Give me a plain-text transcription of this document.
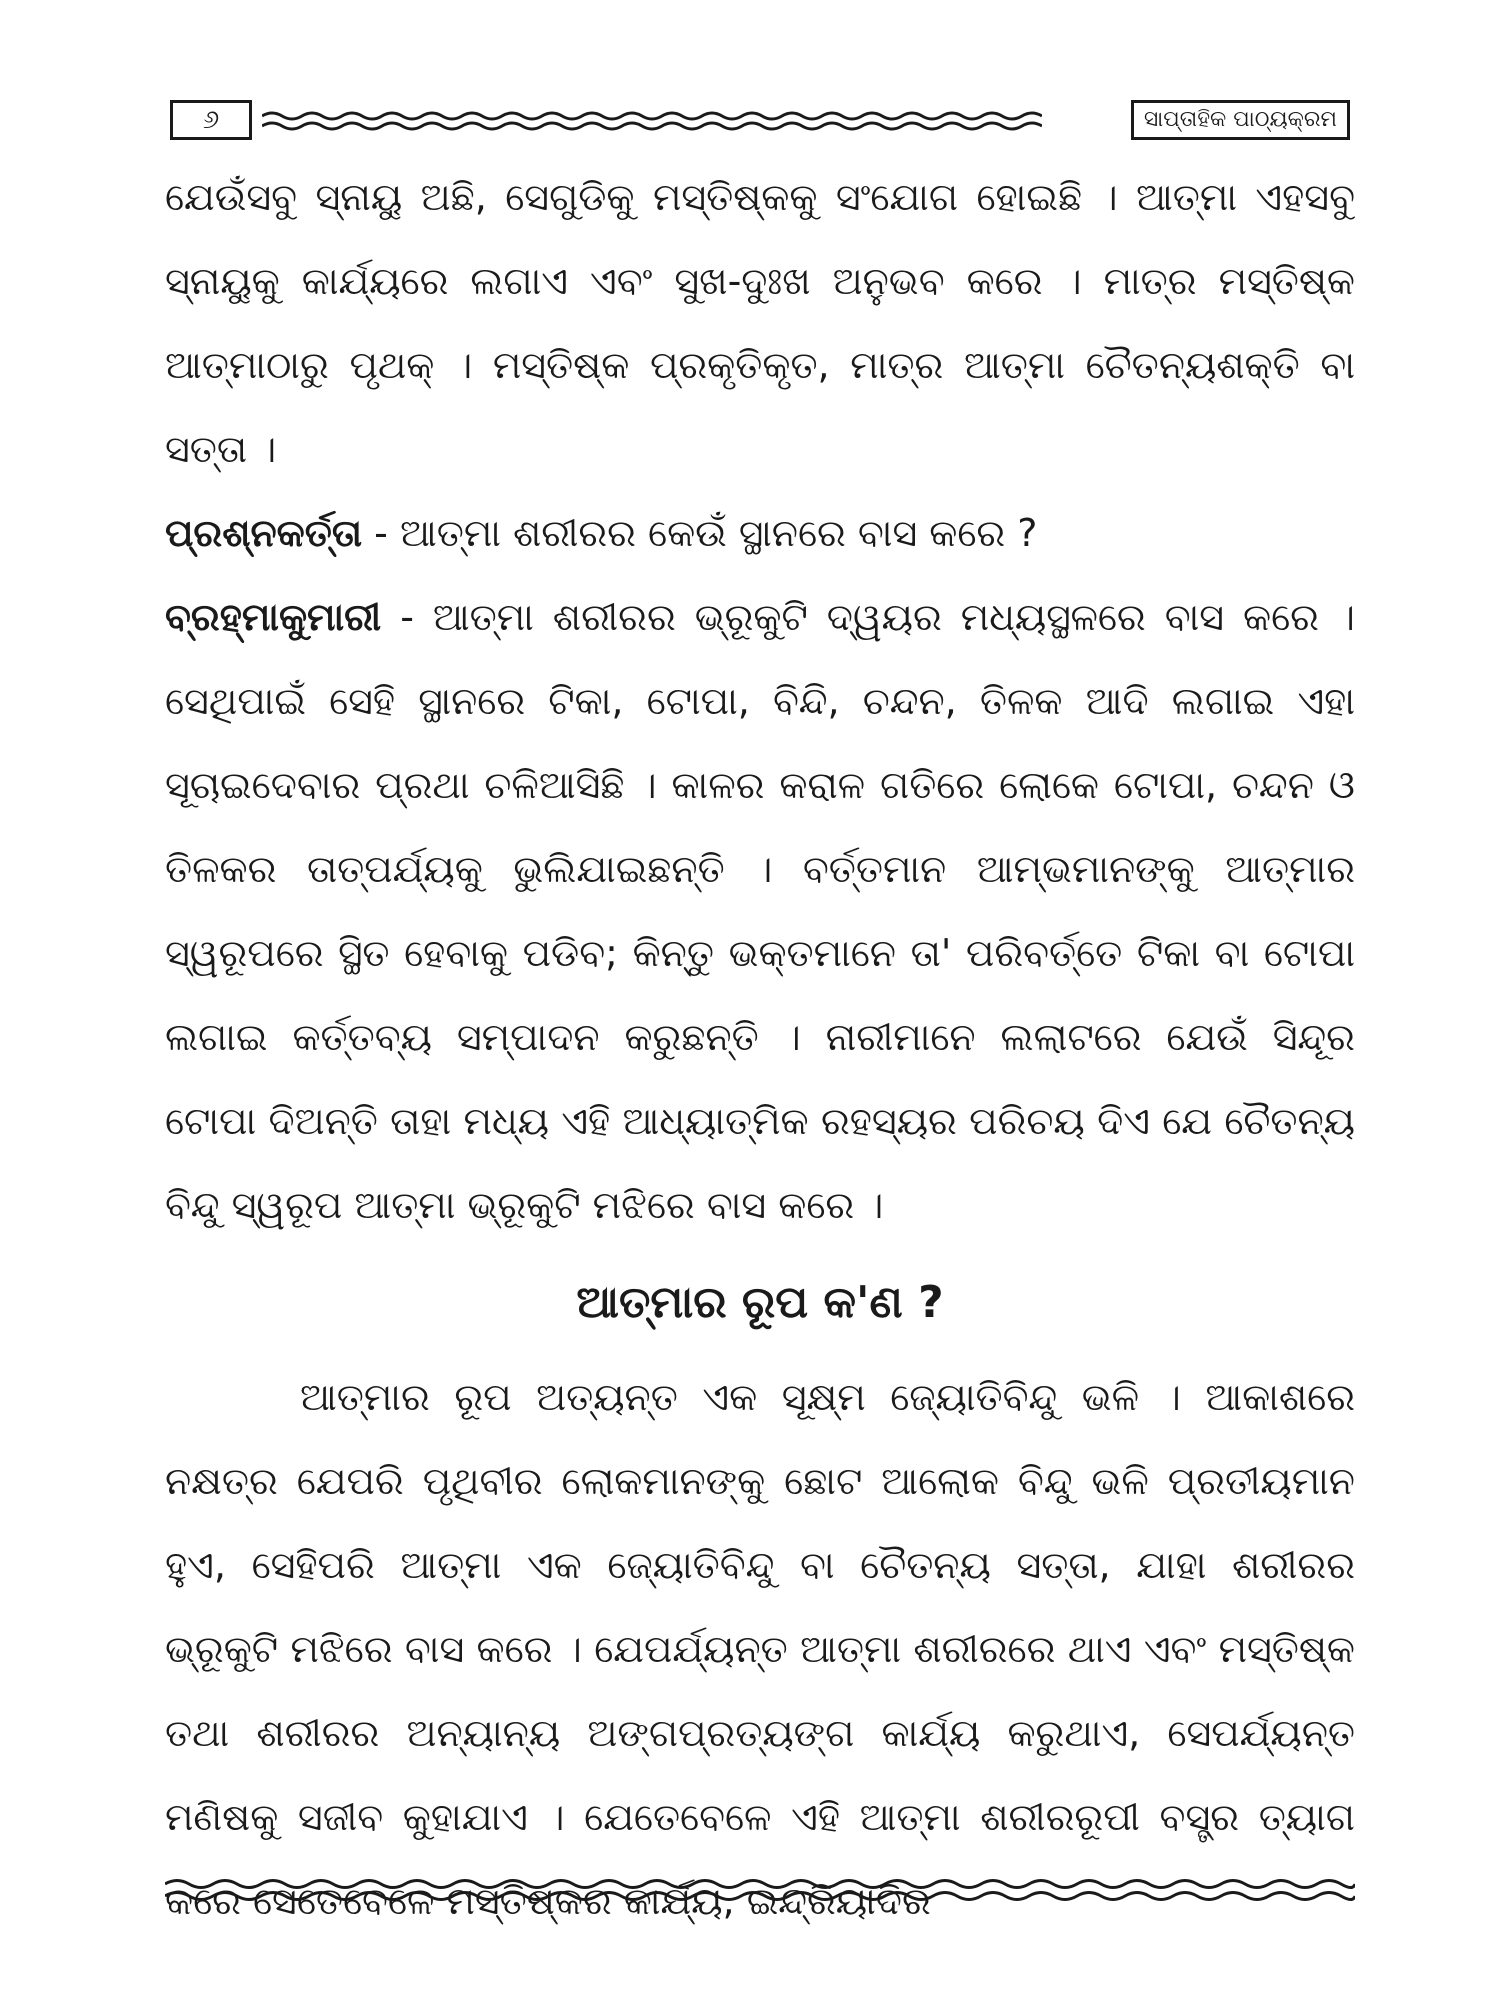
୬	ସାପ୍ତାହିକ ପାଠ୍ୟକ୍ରମ

ଯେଉଁସବୁ ସ୍ନାୟୁ ଅଛି, ସେଗୁଡିକୁ ମସ୍ତିଷ୍କକୁ ସଂଯୋଗ ହୋଇଛି । ଆତ୍ମା ଏହସବୁ ସ୍ନାୟୁକୁ କାର୍ଯ୍ୟରେ ଲଗାଏ ଏବଂ ସୁଖ-ଦୁଃଖ ଅନୁଭବ କରେ । ମାତ୍ର ମସ୍ତିଷ୍କ ଆତ୍ମାଠାରୁ ପୃଥକ୍ । ମସ୍ତିଷ୍କ ପ୍ରକୃତିକୃତ, ମାତ୍ର ଆତ୍ମା ଚୈତନ୍ୟଶକ୍ତି ବା ସତ୍ତା ।

ପ୍ରଶ୍ନକର୍ତ୍ତା - ଆତ୍ମା ଶରୀରର କେଉଁ ସ୍ଥାନରେ ବାସ କରେ ?

ବ୍ରହ୍ମାକୁମାରୀ - ଆତ୍ମା ଶରୀରର ଭ୍ରୂକୁଟି ଦ୍ୱୟର ମଧ୍ୟସ୍ଥଳରେ ବାସ କରେ । ସେଥିପାଇଁ ସେହି ସ୍ଥାନରେ ଟିକା, ଟୋପା, ବିନ୍ଦି, ଚନ୍ଦନ, ତିଳକ ଆଦି ଲଗାଇ ଏହା ସୂଚାଇଦେବାର ପ୍ରଥା ଚଳିଆସିଛି । କାଳର କରାଳ ଗତିରେ ଲୋକେ ଟୋପା, ଚନ୍ଦନ ଓ ତିଳକର ତାତ୍ପର୍ଯ୍ୟକୁ ଭୁଲିଯାଇଛନ୍ତି । ବର୍ତ୍ତମାନ ଆମ୍ଭମାନଙ୍କୁ ଆତ୍ମାର ସ୍ୱରୂପରେ ସ୍ଥିତ ହେବାକୁ ପଡିବ; କିନ୍ତୁ ଭକ୍ତମାନେ ତା' ପରିବର୍ତ୍ତେ ଟିକା ବା ଟୋପା ଲଗାଇ କର୍ତ୍ତବ୍ୟ ସମ୍ପାଦନ କରୁଛନ୍ତି । ନାରୀମାନେ ଲଲାଟରେ ଯେଉଁ ସିନ୍ଦୂର ଟୋପା ଦିଅନ୍ତି ତାହା ମଧ୍ୟ ଏହି ଆଧ୍ୟାତ୍ମିକ ରହସ୍ୟର ପରିଚୟ ଦିଏ ଯେ ଚୈତନ୍ୟ ବିନ୍ଦୁ ସ୍ୱରୂପ ଆତ୍ମା ଭ୍ରୂକୁଟି ମଝିରେ ବାସ କରେ ।

ଆତ୍ମାର ରୂପ କ'ଣ ?

ଆତ୍ମାର ରୂପ ଅତ୍ୟନ୍ତ ଏକ ସୂକ୍ଷ୍ମ ଜ୍ୟୋତିବିନ୍ଦୁ ଭଳି । ଆକାଶରେ ନକ୍ଷତ୍ର ଯେପରି ପୃଥିବୀର ଲୋକମାନଙ୍କୁ ଛୋଟ ଆଲୋକ ବିନ୍ଦୁ ଭଳି ପ୍ରତୀୟମାନ ହୁଏ, ସେହିପରି ଆତ୍ମା ଏକ ଜ୍ୟୋତିବିନ୍ଦୁ ବା ଚୈତନ୍ୟ ସତ୍ତା, ଯାହା ଶରୀରର ଭ୍ରୂକୁଟି ମଝିରେ ବାସ କରେ । ଯେପର୍ଯ୍ୟନ୍ତ ଆତ୍ମା ଶରୀରରେ ଥାଏ ଏବଂ ମସ୍ତିଷ୍କ ତଥା ଶରୀରର ଅନ୍ୟାନ୍ୟ ଅଙ୍ଗପ୍ରତ୍ୟଙ୍ଗ କାର୍ଯ୍ୟ କରୁଥାଏ, ସେପର୍ଯ୍ୟନ୍ତ ମଣିଷକୁ ସଜୀବ କୁହାଯାଏ । ଯେତେବେଳେ ଏହି ଆତ୍ମା ଶରୀରରୂପୀ ବସ୍ତ୍ର ତ୍ୟାଗ କରେ ସେତେବେଳେ ମସ୍ତିଷ୍କର କାର୍ଯ୍ୟ, ଇନ୍ଦ୍ରିୟାଦିର
